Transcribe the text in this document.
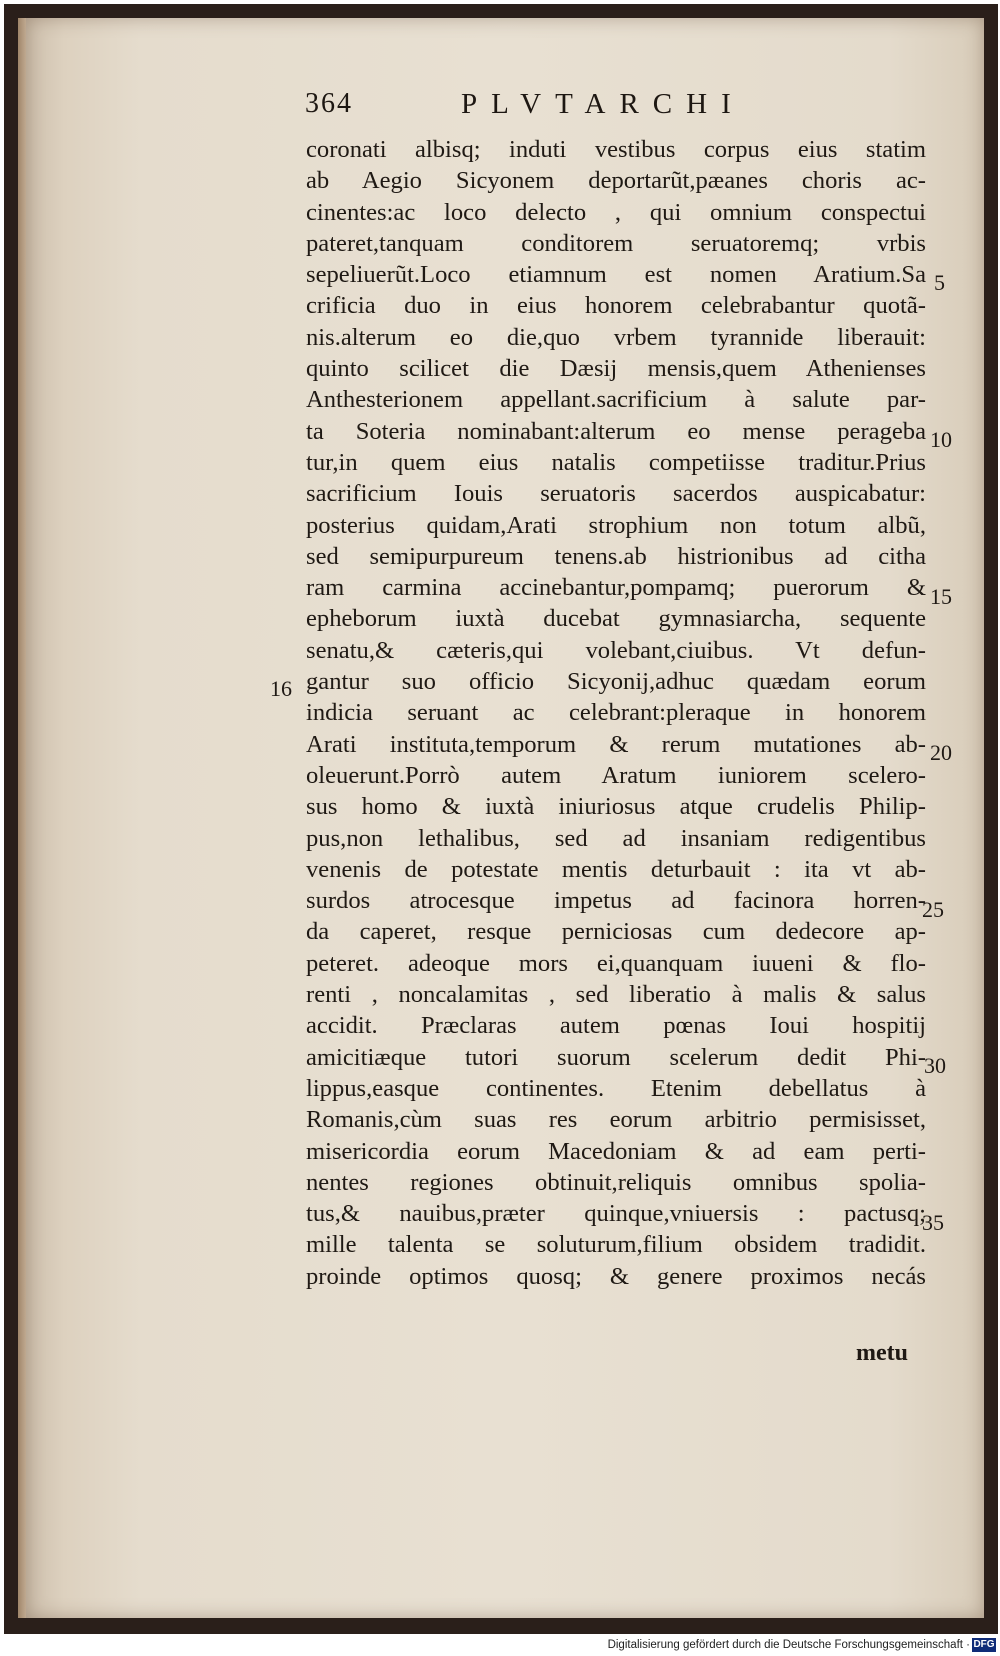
364	PLVTARCHI
coronati albisq; induti vestibus corpus eius statim
ab Aegio Sicyonem deportarũt,pæanes choris ac-
cinentes:ac loco delecto , qui omnium conspectui
pateret,tanquam conditorem seruatoremq; vrbis
sepeliuerũt.Loco etiamnum est nomen Aratium.Sa
crificia duo in eius honorem celebrabantur quotã-
nis.alterum eo die,quo vrbem tyrannide liberauit:
quinto scilicet die Dæsij mensis,quem Athenienses
Anthesterionem appellant.sacrificium à salute par-
ta Soteria nominabant:alterum eo mense perageba
tur,in quem eius natalis competiisse traditur.Prius
sacrificium Iouis seruatoris sacerdos auspicabatur:
posterius quidam,Arati strophium non totum albũ,
sed semipurpureum tenens.ab histrionibus ad citha
ram carmina accinebantur,pompamq; puerorum &
epheborum iuxtà ducebat gymnasiarcha, sequente
senatu,& cæteris,qui volebant,ciuibus. Vt defun-
gantur suo officio Sicyonij,adhuc quædam eorum
indicia seruant ac celebrant:pleraque in honorem
Arati instituta,temporum & rerum mutationes ab-
oleuerunt.Porrò autem Aratum iuniorem scelero-
sus homo & iuxtà iniuriosus atque crudelis Philip-
pus,non lethalibus, sed ad insaniam redigentibus
venenis de potestate mentis deturbauit : ita vt ab-
surdos atrocesque impetus ad facinora horren-
da caperet, resque perniciosas cum dedecore ap-
peteret. adeoque mors ei,quanquam iuueni & flo-
renti , noncalamitas , sed liberatio à malis & salus
accidit. Præclaras autem pœnas Ioui hospitij
amicitiæque tutori suorum scelerum dedit Phi-
lippus,easque continentes. Etenim debellatus à
Romanis,cùm suas res eorum arbitrio permisisset,
misericordia eorum Macedoniam & ad eam perti-
nentes regiones obtinuit,reliquis omnibus spolia-
tus,& nauibus,præter quinque,vniuersis : pactusq;
mille talenta se soluturum,filium obsidem tradidit.
proinde optimos quosq; & genere proximos necás
5
10
15
20
25
30
35
16
metu
Digitalisierung gefördert durch die Deutsche Forschungsgemeinschaft · DFG
